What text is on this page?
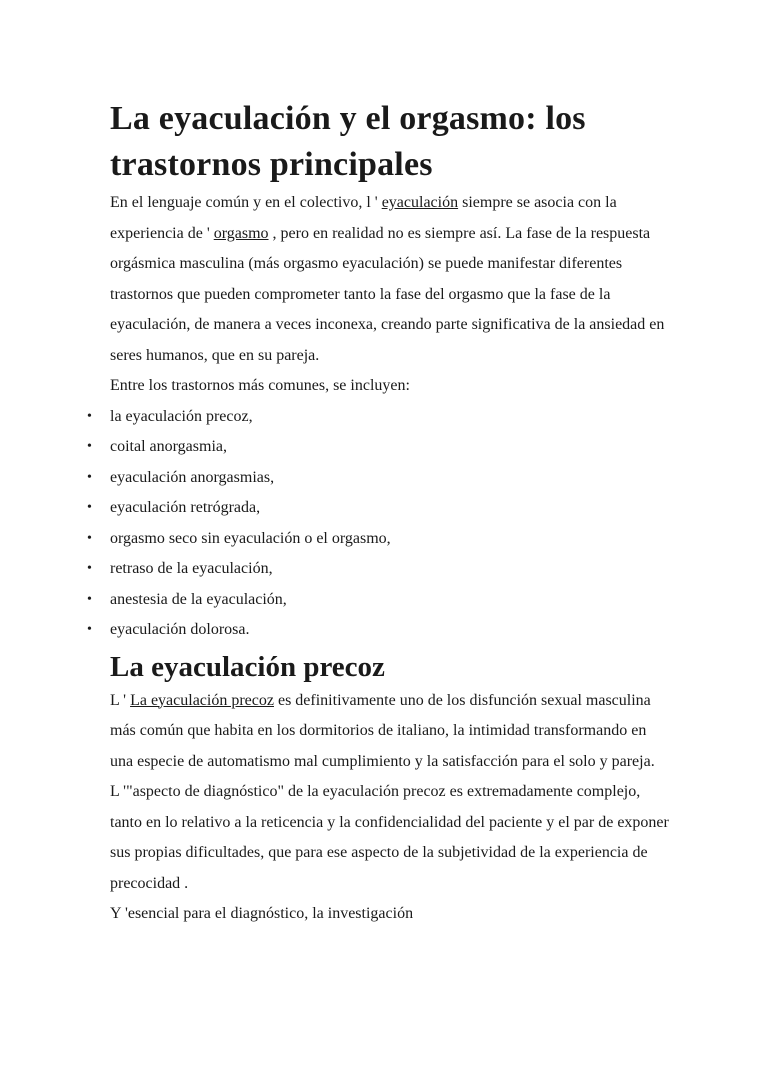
La eyaculación y el orgasmo: los trastornos principales

En el lenguaje común y en el colectivo, l ' eyaculación siempre se asocia con la experiencia de ' orgasmo , pero en realidad no es siempre así. La fase de la respuesta orgásmica masculina (más orgasmo eyaculación) se puede manifestar diferentes trastornos que pueden comprometer tanto la fase del orgasmo que la fase de la eyaculación, de manera a veces inconexa, creando parte significativa de la ansiedad en seres humanos, que en su pareja.

Entre los trastornos más comunes, se incluyen:

• la eyaculación precoz,
• coital anorgasmia,
• eyaculación anorgasmias,
• eyaculación retrógrada,
• orgasmo seco sin eyaculación o el orgasmo,
• retraso de la eyaculación,
• anestesia de la eyaculación,
• eyaculación dolorosa.
La eyaculación precoz

L ' La eyaculación precoz es definitivamente uno de los disfunción sexual masculina más común que habita en los dormitorios de italiano, la intimidad transformando en una especie de automatismo mal cumplimiento y la satisfacción para el solo y pareja.

L '"aspecto de diagnóstico" de la eyaculación precoz es extremadamente complejo, tanto en lo relativo a la reticencia y la confidencialidad del paciente y el par de exponer sus propias dificultades, que para ese aspecto de la subjetividad de la experiencia de precocidad .

Y 'esencial para el diagnóstico, la investigación
